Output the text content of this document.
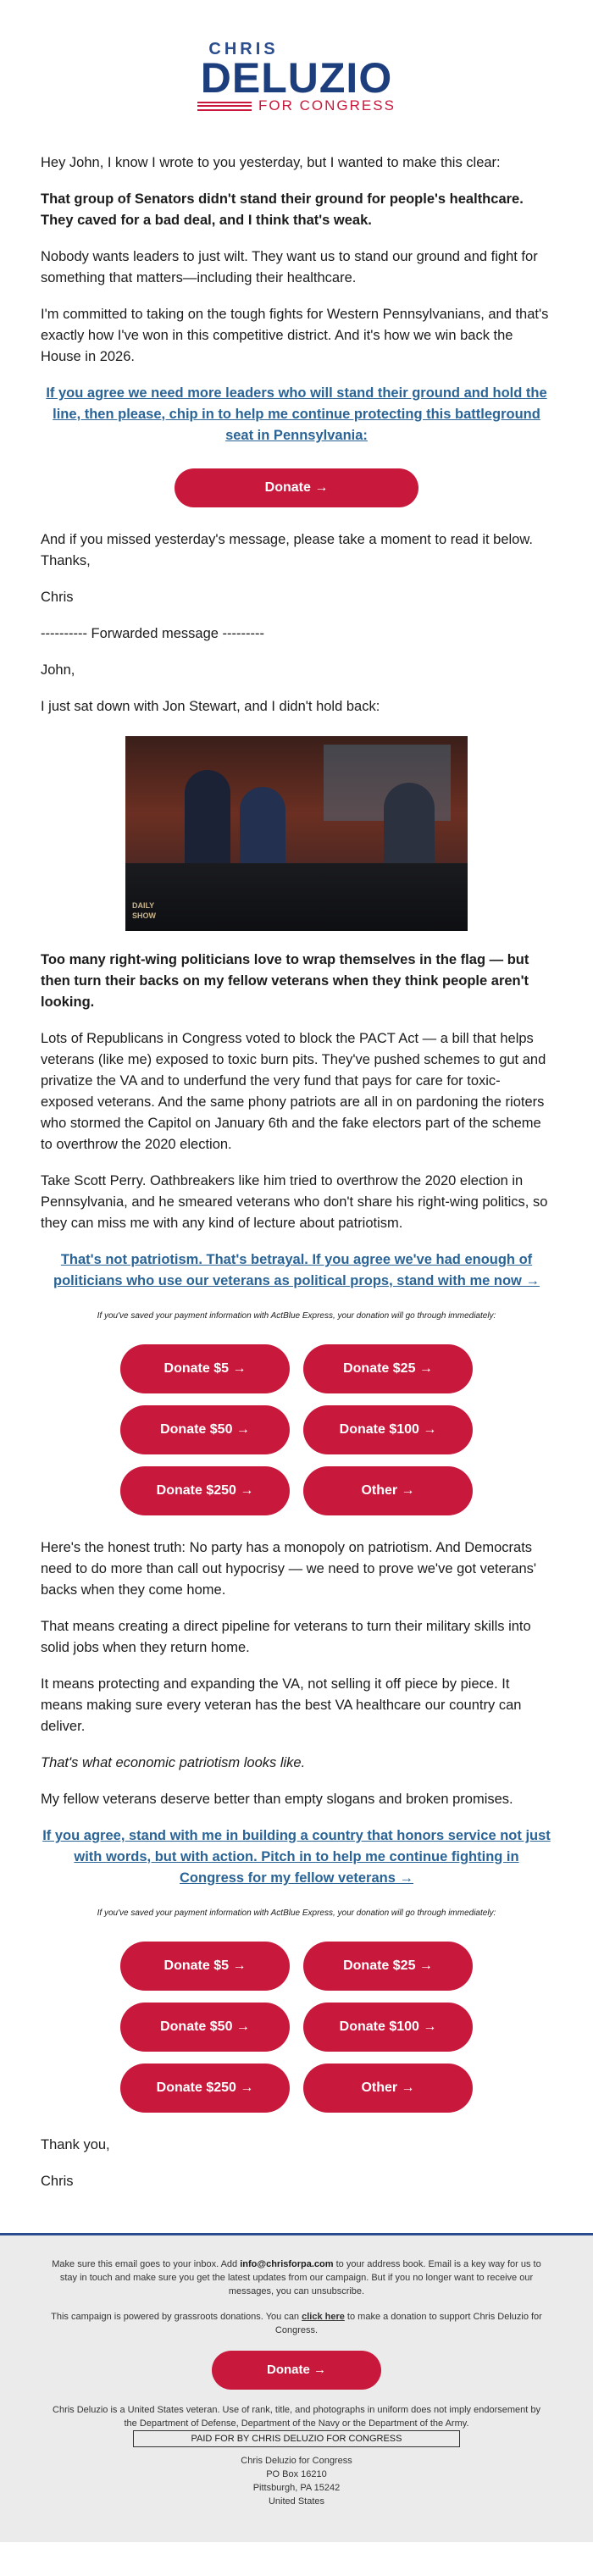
CHRIS
DELUZIO
FOR CONGRESS

Hey John, I know I wrote to you yesterday, but I wanted to make this clear:

That group of Senators didn't stand their ground for people's healthcare. They caved for a bad deal, and I think that's weak.

Nobody wants leaders to just wilt. They want us to stand our ground and fight for something that matters—including their healthcare.

I'm committed to taking on the tough fights for Western Pennsylvanians, and that's exactly how I've won in this competitive district. And it's how we win back the House in 2026.

If you agree we need more leaders who will stand their ground and hold the line, then please, chip in to help me continue protecting this battleground seat in Pennsylvania:

Donate →

And if you missed yesterday's message, please take a moment to read it below. Thanks,

Chris

---------- Forwarded message ---------

John,

I just sat down with Jon Stewart, and I didn't hold back:

DAILY SHOW

Too many right-wing politicians love to wrap themselves in the flag — but then turn their backs on my fellow veterans when they think people aren't looking.

Lots of Republicans in Congress voted to block the PACT Act — a bill that helps veterans (like me) exposed to toxic burn pits. They've pushed schemes to gut and privatize the VA and to underfund the very fund that pays for care for toxic-exposed veterans. And the same phony patriots are all in on pardoning the rioters who stormed the Capitol on January 6th and the fake electors part of the scheme to overthrow the 2020 election.

Take Scott Perry. Oathbreakers like him tried to overthrow the 2020 election in Pennsylvania, and he smeared veterans who don't share his right-wing politics, so they can miss me with any kind of lecture about patriotism.

That's not patriotism. That's betrayal. If you agree we've had enough of politicians who use our veterans as political props, stand with me now →

If you've saved your payment information with ActBlue Express, your donation will go through immediately:

Donate $5 →	Donate $25 →
Donate $50 →	Donate $100 →
Donate $250 →	Other →

Here's the honest truth: No party has a monopoly on patriotism. And Democrats need to do more than call out hypocrisy — we need to prove we've got veterans' backs when they come home.

That means creating a direct pipeline for veterans to turn their military skills into solid jobs when they return home.

It means protecting and expanding the VA, not selling it off piece by piece. It means making sure every veteran has the best VA healthcare our country can deliver.

That's what economic patriotism looks like.

My fellow veterans deserve better than empty slogans and broken promises.

If you agree, stand with me in building a country that honors service not just with words, but with action. Pitch in to help me continue fighting in Congress for my fellow veterans →

If you've saved your payment information with ActBlue Express, your donation will go through immediately:

Donate $5 →	Donate $25 →
Donate $50 →	Donate $100 →
Donate $250 →	Other →

Thank you,

Chris

Make sure this email goes to your inbox. Add info@chrisforpa.com to your address book. Email is a key way for us to stay in touch and make sure you get the latest updates from our campaign. But if you no longer want to receive our messages, you can unsubscribe.

This campaign is powered by grassroots donations. You can click here to make a donation to support Chris Deluzio for Congress.

Donate →

Chris Deluzio is a United States veteran. Use of rank, title, and photographs in uniform does not imply endorsement by the Department of Defense, Department of the Navy or the Department of the Army.

PAID FOR BY CHRIS DELUZIO FOR CONGRESS

Chris Deluzio for Congress

PO Box 16210

Pittsburgh, PA 15242

United States
